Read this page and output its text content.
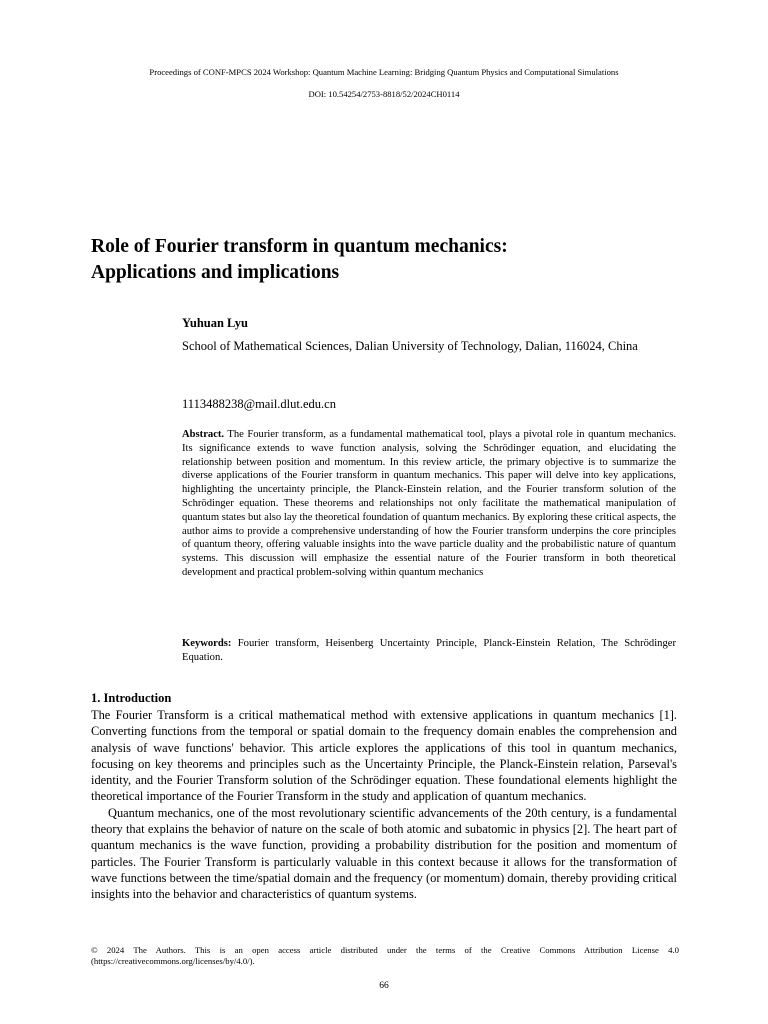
Proceedings of CONF-MPCS 2024 Workshop: Quantum Machine Learning: Bridging Quantum Physics and Computational Simulations
DOI: 10.54254/2753-8818/52/2024CH0114
Role of Fourier transform in quantum mechanics:
Applications and implications
Yuhuan Lyu
School of Mathematical Sciences, Dalian University of Technology, Dalian, 116024, China
1113488238@mail.dlut.edu.cn
Abstract. The Fourier transform, as a fundamental mathematical tool, plays a pivotal role in quantum mechanics. Its significance extends to wave function analysis, solving the Schrödinger equation, and elucidating the relationship between position and momentum. In this review article, the primary objective is to summarize the diverse applications of the Fourier transform in quantum mechanics. This paper will delve into key applications, highlighting the uncertainty principle, the Planck-Einstein relation, and the Fourier transform solution of the Schrödinger equation. These theorems and relationships not only facilitate the mathematical manipulation of quantum states but also lay the theoretical foundation of quantum mechanics. By exploring these critical aspects, the author aims to provide a comprehensive understanding of how the Fourier transform underpins the core principles of quantum theory, offering valuable insights into the wave particle duality and the probabilistic nature of quantum systems. This discussion will emphasize the essential nature of the Fourier transform in both theoretical development and practical problem-solving within quantum mechanics
Keywords: Fourier transform, Heisenberg Uncertainty Principle, Planck-Einstein Relation, The Schrödinger Equation.
1. Introduction

The Fourier Transform is a critical mathematical method with extensive applications in quantum mechanics [1]. Converting functions from the temporal or spatial domain to the frequency domain enables the comprehension and analysis of wave functions' behavior. This article explores the applications of this tool in quantum mechanics, focusing on key theorems and principles such as the Uncertainty Principle, the Planck-Einstein relation, Parseval's identity, and the Fourier Transform solution of the Schrödinger equation. These foundational elements highlight the theoretical importance of the Fourier Transform in the study and application of quantum mechanics.

Quantum mechanics, one of the most revolutionary scientific advancements of the 20th century, is a fundamental theory that explains the behavior of nature on the scale of both atomic and subatomic in physics [2]. The heart part of quantum mechanics is the wave function, providing a probability distribution for the position and momentum of particles. The Fourier Transform is particularly valuable in this context because it allows for the transformation of wave functions between the time/spatial domain and the frequency (or momentum) domain, thereby providing critical insights into the behavior and characteristics of quantum systems.

© 2024 The Authors. This is an open access article distributed under the terms of the Creative Commons Attribution License 4.0 (https://creativecommons.org/licenses/by/4.0/).
66
